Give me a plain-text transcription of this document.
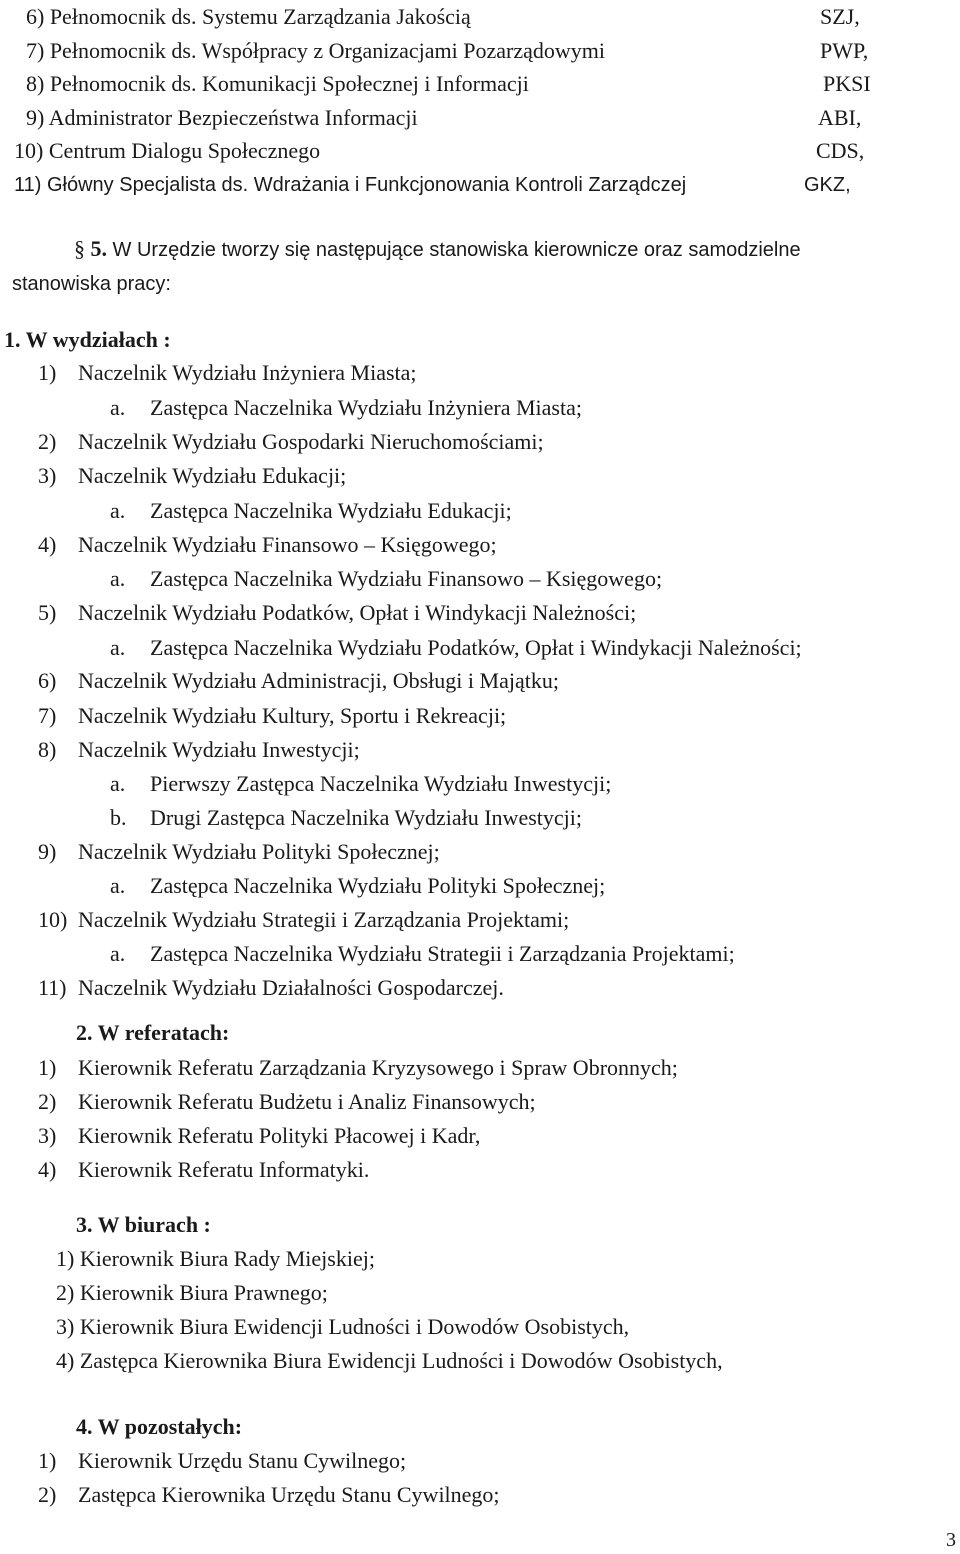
6) Pełnomocnik ds. Systemu Zarządzania Jakością	SZJ,
7) Pełnomocnik ds. Współpracy z Organizacjami Pozarządowymi	PWP,
8) Pełnomocnik ds. Komunikacji Społecznej i Informacji	PKSI
9) Administrator Bezpieczeństwa Informacji	ABI,
10) Centrum Dialogu Społecznego	CDS,
11) Główny Specjalista ds. Wdrażania i Funkcjonowania Kontroli Zarządczej	GKZ,
§ 5. W Urzędzie tworzy się następujące stanowiska kierownicze oraz samodzielne
stanowiska pracy:
1. W wydziałach :
1) Naczelnik Wydziału Inżyniera Miasta;
a. Zastępca Naczelnika Wydziału Inżyniera Miasta;
2) Naczelnik Wydziału Gospodarki Nieruchomościami;
3) Naczelnik Wydziału Edukacji;
a. Zastępca Naczelnika Wydziału Edukacji;
4) Naczelnik Wydziału Finansowo – Księgowego;
a. Zastępca Naczelnika Wydziału Finansowo – Księgowego;
5) Naczelnik Wydziału Podatków, Opłat i Windykacji Należności;
a. Zastępca Naczelnika Wydziału Podatków, Opłat i Windykacji Należności;
6) Naczelnik Wydziału Administracji, Obsługi i Majątku;
7) Naczelnik Wydziału Kultury, Sportu i Rekreacji;
8) Naczelnik Wydziału Inwestycji;
a. Pierwszy Zastępca Naczelnika Wydziału Inwestycji;
b. Drugi Zastępca Naczelnika Wydziału Inwestycji;
9) Naczelnik Wydziału Polityki Społecznej;
a. Zastępca Naczelnika Wydziału Polityki Społecznej;
10) Naczelnik Wydziału Strategii i Zarządzania Projektami;
a. Zastępca Naczelnika Wydziału Strategii i Zarządzania Projektami;
11) Naczelnik Wydziału Działalności Gospodarczej.
2. W referatach:
1) Kierownik Referatu Zarządzania Kryzysowego i Spraw Obronnych;
2) Kierownik Referatu Budżetu i Analiz Finansowych;
3) Kierownik Referatu Polityki Płacowej i Kadr,
4) Kierownik Referatu Informatyki.
3. W biurach :
1) Kierownik Biura Rady Miejskiej;
2) Kierownik Biura Prawnego;
3) Kierownik Biura Ewidencji Ludności i Dowodów Osobistych,
4) Zastępca Kierownika Biura Ewidencji Ludności i Dowodów Osobistych,
4. W pozostałych:
1) Kierownik Urzędu Stanu Cywilnego;
2) Zastępca Kierownika Urzędu Stanu Cywilnego;
3
